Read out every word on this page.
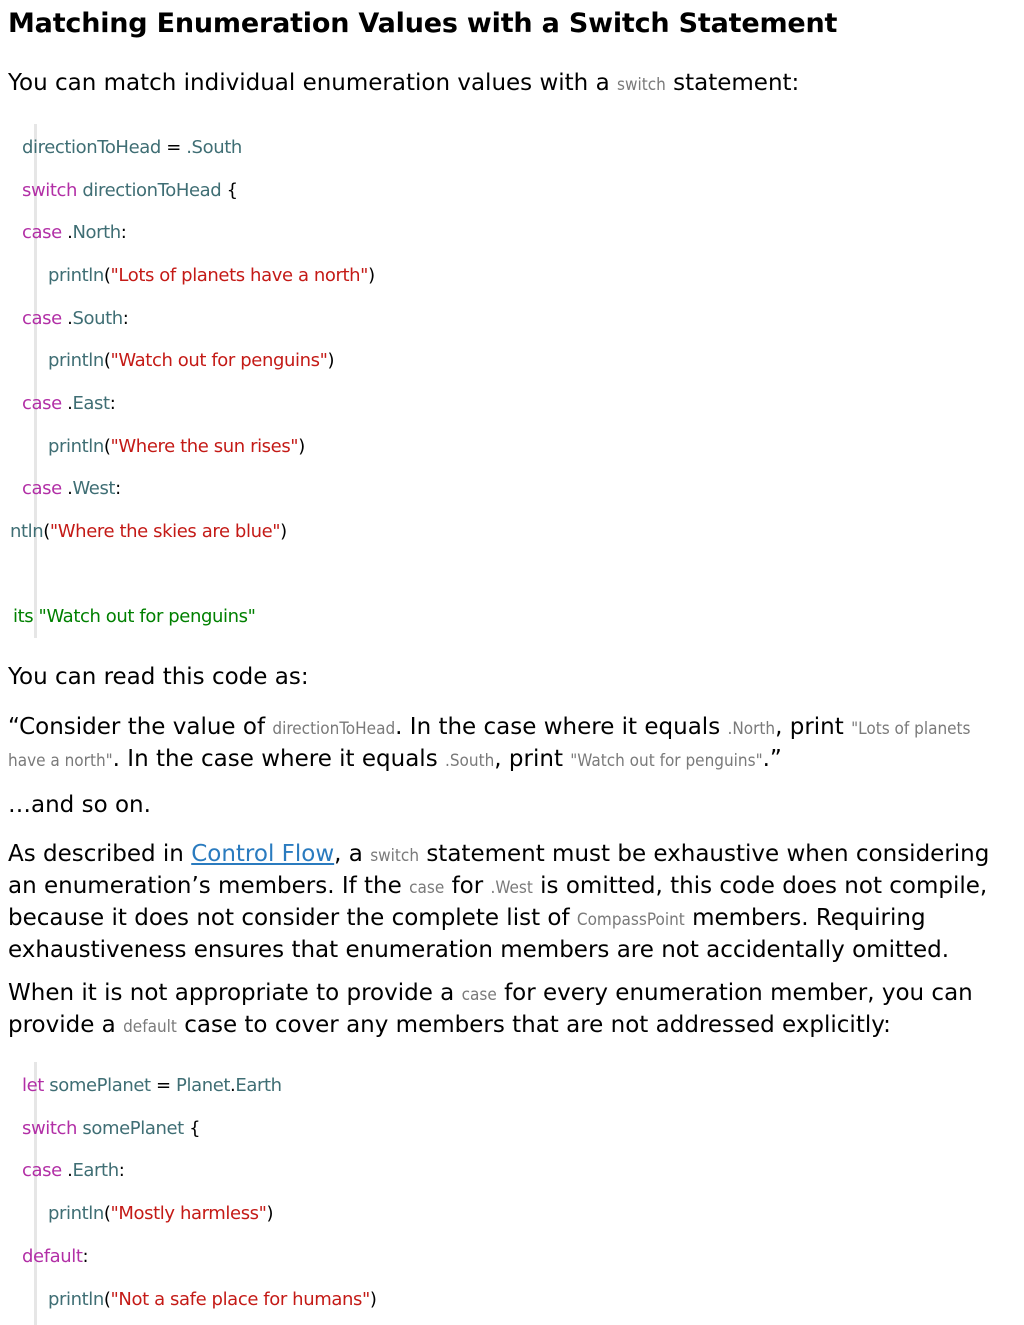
Matching Enumeration Values with a Switch Statement

You can match individual enumeration values with a switch statement:

directionToHead = .South
switch directionToHead {
case .North:
println("Lots of planets have a north")
case .South:
println("Watch out for penguins")
case .East:
println("Where the sun rises")
case .West:
ntln("Where the skies are blue")
its "Watch out for penguins"

You can read this code as:

“Consider the value of directionToHead. In the case where it equals .North, print "Lots of planets have a north". In the case where it equals .South, print "Watch out for penguins".”

…and so on.

As described in Control Flow, a switch statement must be exhaustive when considering an enumeration’s members. If the case for .West is omitted, this code does not compile, because it does not consider the complete list of CompassPoint members. Requiring exhaustiveness ensures that enumeration members are not accidentally omitted.

When it is not appropriate to provide a case for every enumeration member, you can provide a default case to cover any members that are not addressed explicitly:

let somePlanet = Planet.Earth
switch somePlanet {
case .Earth:
println("Mostly harmless")
default:
println("Not a safe place for humans")
